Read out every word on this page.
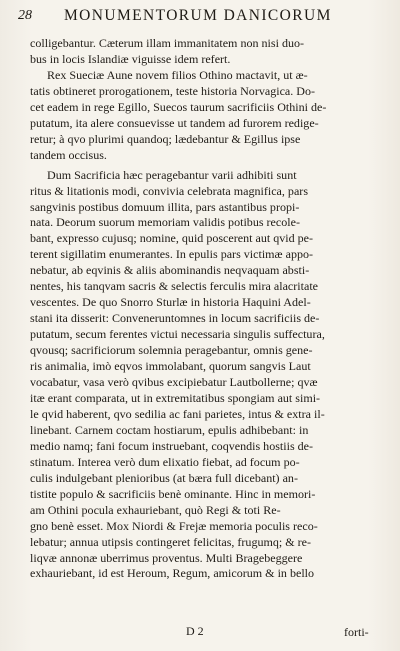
28 MONUMENTORUM DANICORUM
colligebantur. Cæterum illam immanitatem non nisi duo-
bus in locis Islandiæ viguisse idem refert.
Rex Sueciæ Aune novem filios Othino mactavit, ut æ-
tatis obtineret prorogationem, teste historia Norvagica. Do-
cet eadem in rege Egillo, Suecos taurum sacrificiis Othini de-
putatum, ita alere consuevisse ut tandem ad furorem redige-
retur; à qvo plurimi quandoq; lædebantur & Egillus ipse
tandem occisus.
Dum Sacrificia hæc peragebantur varii adhibiti sunt
ritus & litationis modi, convivia celebrata magnifica, pars
sangvinis postibus domuum illita, pars astantibus propi-
nata. Deorum suorum memoriam validis potibus recole-
bant, expresso cujusq; nomine, quid poscerent aut qvid pe-
terent sigillatim enumerantes. In epulis pars victimæ appo-
nebatur, ab eqvinis & aliis abominandis neqvaquam absti-
nentes, his tanqvam sacris & selectis ferculis mira alacritate
vescentes. De quo Snorro Sturlæ in historia Haquini Adel-
stani ita disserit: Conveneruntomnes in locum sacrificiis de-
putatum, secum ferentes victui necessaria singulis suffectura,
qvousq; sacrificiorum solemnia peragebantur, omnis gene-
ris animalia, imò eqvos immolabant, quorum sangvis Laut
vocabatur, vasa verò qvibus excipiebatur Lautbollerne; qvæ
itæ erant comparata, ut in extremitatibus spongiam aut simi-
le qvid haberent, qvo sedilia ac fani parietes, intus & extra il-
linebant. Carnem coctam hostiarum, epulis adhibebant: in
medio namq; fani focum instruebant, coqvendis hostiis de-
stinatum. Interea verò dum elixatio fiebat, ad focum po-
culis indulgebant plenioribus (at bæra full dicebant) an-
tistite populo & sacrificiis benè ominante. Hinc in memori-
am Othini pocula exhauriebant, quò Regi & toti Re-
gno benè esset. Mox Niordi & Frejæ memoria poculis reco-
lebatur; annua utipsis contingeret felicitas, frugumq; & re-
liqvæ annonæ uberrimus proventus. Multi Bragebeggere
exhauriebant, id est Heroum, Regum, amicorum & in bello
D 2	forti-
